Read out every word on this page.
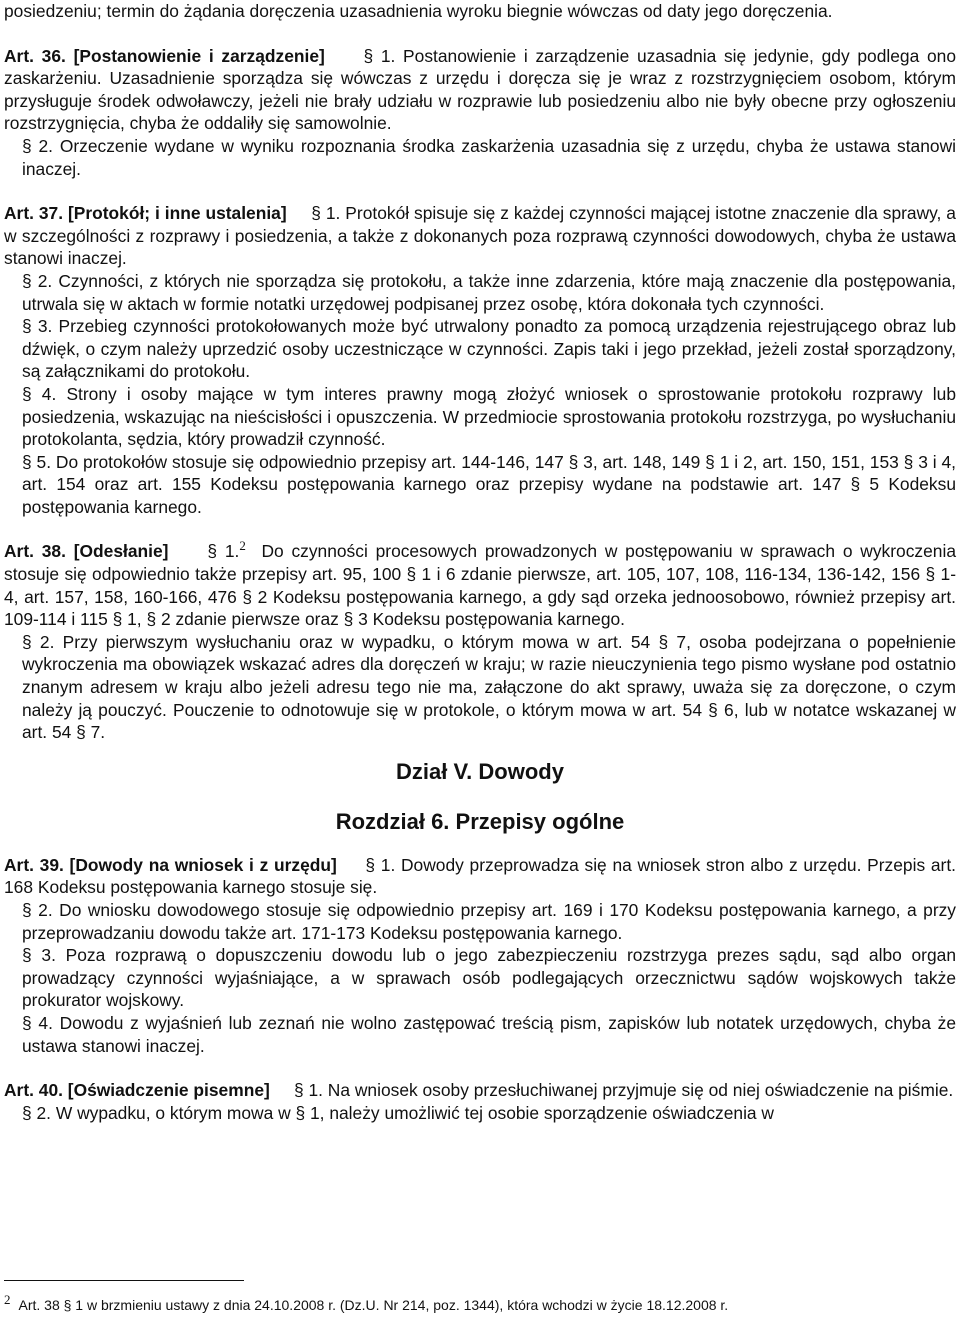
posiedzeniu; termin do żądania doręczenia uzasadnienia wyroku biegnie wówczas od daty jego doręczenia.

Art. 36. [Postanowienie i zarządzenie] § 1. Postanowienie i zarządzenie uzasadnia się jedynie, gdy podlega ono zaskarżeniu. Uzasadnienie sporządza się wówczas z urzędu i doręcza się je wraz z rozstrzygnięciem osobom, którym przysługuje środek odwoławczy, jeżeli nie brały udziału w rozprawie lub posiedzeniu albo nie były obecne przy ogłoszeniu rozstrzygnięcia, chyba że oddaliły się samowolnie.

§ 2. Orzeczenie wydane w wyniku rozpoznania środka zaskarżenia uzasadnia się z urzędu, chyba że ustawa stanowi inaczej.

Art. 37. [Protokół; i inne ustalenia] § 1. Protokół spisuje się z każdej czynności mającej istotne znaczenie dla sprawy, a w szczególności z rozprawy i posiedzenia, a także z dokonanych poza rozprawą czynności dowodowych, chyba że ustawa stanowi inaczej.

§ 2. Czynności, z których nie sporządza się protokołu, a także inne zdarzenia, które mają znaczenie dla postępowania, utrwala się w aktach w formie notatki urzędowej podpisanej przez osobę, która dokonała tych czynności.

§ 3. Przebieg czynności protokołowanych może być utrwalony ponadto za pomocą urządzenia rejestrującego obraz lub dźwięk, o czym należy uprzedzić osoby uczestniczące w czynności. Zapis taki i jego przekład, jeżeli został sporządzony, są załącznikami do protokołu.

§ 4. Strony i osoby mające w tym interes prawny mogą złożyć wniosek o sprostowanie protokołu rozprawy lub posiedzenia, wskazując na nieścisłości i opuszczenia. W przedmiocie sprostowania protokołu rozstrzyga, po wysłuchaniu protokolanta, sędzia, który prowadził czynność.

§ 5. Do protokołów stosuje się odpowiednio przepisy art. 144-146, 147 § 3, art. 148, 149 § 1 i 2, art. 150, 151, 153 § 3 i 4, art. 154 oraz art. 155 Kodeksu postępowania karnego oraz przepisy wydane na podstawie art. 147 § 5 Kodeksu postępowania karnego.

Art. 38. [Odesłanie] § 1.$^2$ Do czynności procesowych prowadzonych w postępowaniu w sprawach o wykroczenia stosuje się odpowiednio także przepisy art. 95, 100 § 1 i 6 zdanie pierwsze, art. 105, 107, 108, 116-134, 136-142, 156 § 1-4, art. 157, 158, 160-166, 476 § 2 Kodeksu postępowania karnego, a gdy sąd orzeka jednoosobowo, również przepisy art. 109-114 i 115 § 1, § 2 zdanie pierwsze oraz § 3 Kodeksu postępowania karnego.

§ 2. Przy pierwszym wysłuchaniu oraz w wypadku, o którym mowa w art. 54 § 7, osoba podejrzana o popełnienie wykroczenia ma obowiązek wskazać adres dla doręczeń w kraju; w razie nieuczynienia tego pismo wysłane pod ostatnio znanym adresem w kraju albo jeżeli adresu tego nie ma, załączone do akt sprawy, uważa się za doręczone, o czym należy ją pouczyć. Pouczenie to odnotowuje się w protokole, o którym mowa w art. 54 § 6, lub w notatce wskazanej w art. 54 § 7.

Dział V. Dowody

Rozdział 6. Przepisy ogólne

Art. 39. [Dowody na wniosek i z urzędu] § 1. Dowody przeprowadza się na wniosek stron albo z urzędu. Przepis art. 168 Kodeksu postępowania karnego stosuje się.

§ 2. Do wniosku dowodowego stosuje się odpowiednio przepisy art. 169 i 170 Kodeksu postępowania karnego, a przy przeprowadzaniu dowodu także art. 171-173 Kodeksu postępowania karnego.

§ 3. Poza rozprawą o dopuszczeniu dowodu lub o jego zabezpieczeniu rozstrzyga prezes sądu, sąd albo organ prowadzący czynności wyjaśniające, a w sprawach osób podlegających orzecznictwu sądów wojskowych także prokurator wojskowy.

§ 4. Dowodu z wyjaśnień lub zeznań nie wolno zastępować treścią pism, zapisków lub notatek urzędowych, chyba że ustawa stanowi inaczej.

Art. 40. [Oświadczenie pisemne] § 1. Na wniosek osoby przesłuchiwanej przyjmuje się od niej oświadczenie na piśmie.

§ 2. W wypadku, o którym mowa w § 1, należy umożliwić tej osobie sporządzenie oświadczenia w

2 Art. 38 § 1 w brzmieniu ustawy z dnia 24.10.2008 r. (Dz.U. Nr 214, poz. 1344), która wchodzi w życie 18.12.2008 r.
